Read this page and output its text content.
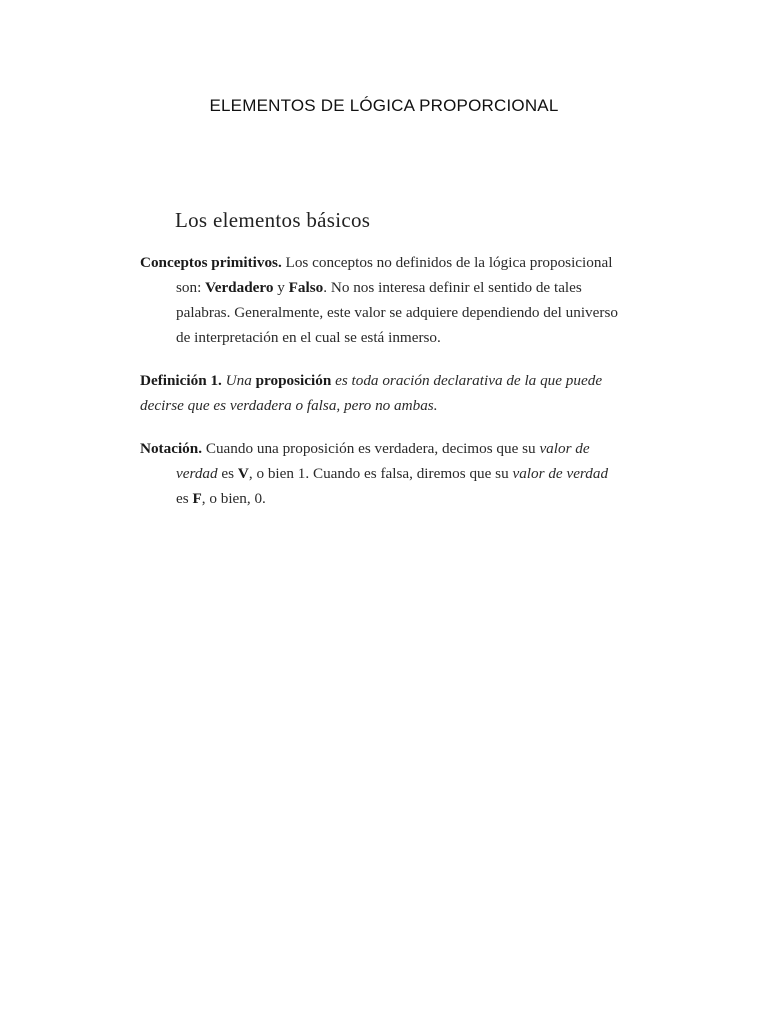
ELEMENTOS DE LÓGICA PROPORCIONAL
Los elementos básicos

Conceptos primitivos. Los conceptos no definidos de la lógica proposicional son: Verdadero y Falso. No nos interesa definir el sentido de tales palabras. Generalmente, este valor se adquiere dependiendo del universo de interpretación en el cual se está inmerso.

Definición 1. Una proposición es toda oración declarativa de la que puede decirse que es verdadera o falsa, pero no ambas.

Notación. Cuando una proposición es verdadera, decimos que su valor de verdad es V, o bien 1. Cuando es falsa, diremos que su valor de verdad es F, o bien, 0.
